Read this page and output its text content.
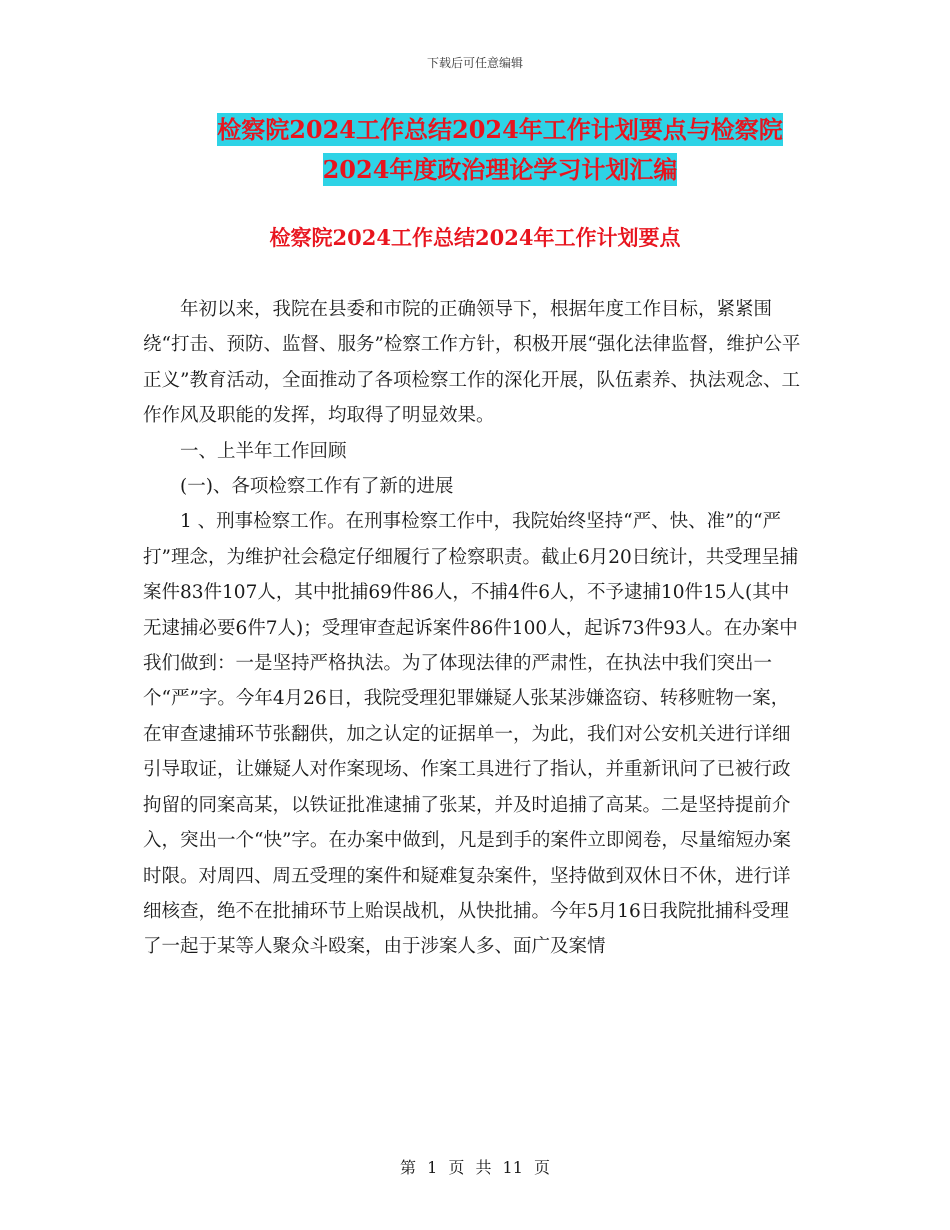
下载后可任意编辑
检察院2024工作总结2024年工作计划要点与检察院
2024年度政治理论学习计划汇编
检察院2024工作总结2024年工作计划要点

年初以来，我院在县委和市院的正确领导下，根据年度工作目标，紧紧围绕“打击、预防、监督、服务”检察工作方针，积极开展“强化法律监督，维护公平正义”教育活动，全面推动了各项检察工作的深化开展，队伍素养、执法观念、工作作风及职能的发挥，均取得了明显效果。

一、上半年工作回顾

(一)、各项检察工作有了新的进展

1 、刑事检察工作。在刑事检察工作中，我院始终坚持“严、快、准”的“严打”理念，为维护社会稳定仔细履行了检察职责。截止6月20日统计，共受理呈捕案件83件107人，其中批捕69件86人，不捕4件6人，不予逮捕10件15人(其中无逮捕必要6件7人)；受理审查起诉案件86件100人，起诉73件93人。在办案中我们做到：一是坚持严格执法。为了体现法律的严肃性，在执法中我们突出一个“严”字。今年4月26日，我院受理犯罪嫌疑人张某涉嫌盗窃、转移赃物一案，在审查逮捕环节张翻供，加之认定的证据单一，为此，我们对公安机关进行详细引导取证，让嫌疑人对作案现场、作案工具进行了指认，并重新讯问了已被行政拘留的同案高某，以铁证批准逮捕了张某，并及时追捕了高某。二是坚持提前介入，突出一个“快”字。在办案中做到，凡是到手的案件立即阅卷，尽量缩短办案时限。对周四、周五受理的案件和疑难复杂案件，坚持做到双休日不休，进行详细核查，绝不在批捕环节上贻误战机，从快批捕。今年5月16日我院批捕科受理了一起于某等人聚众斗殴案，由于涉案人多、面广及案情

第 1 页 共 11 页
